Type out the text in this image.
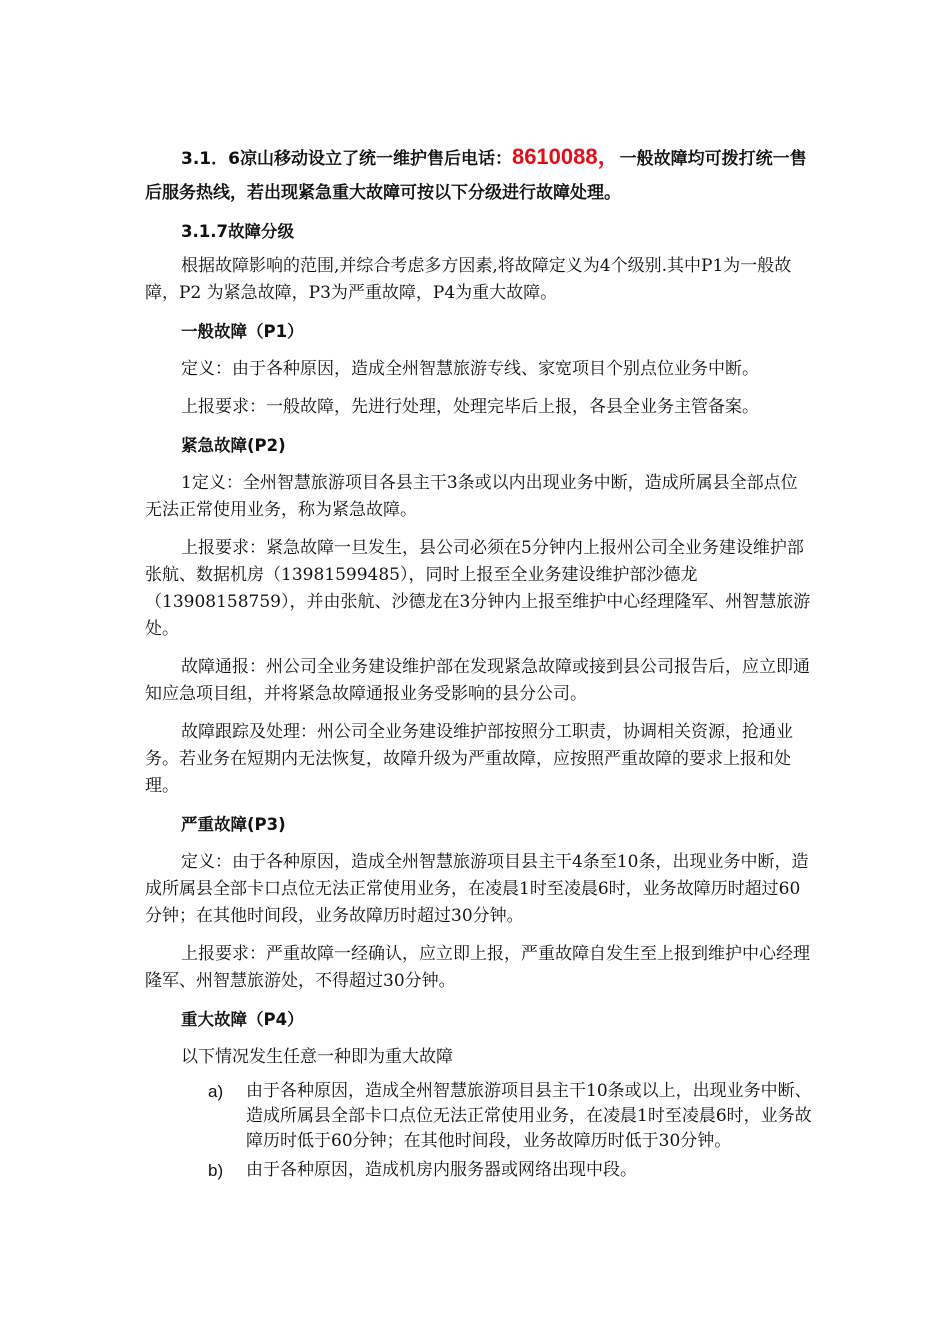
3.1．6凉山移动设立了统一维护售后电话：8610088，一般故障均可拨打统一售后服务热线，若出现紧急重大故障可按以下分级进行故障处理。

3.1.7故障分级

根据故障影响的范围,并综合考虑多方因素,将故障定义为4个级别.其中P1为一般故障，P2 为紧急故障，P3为严重故障，P4为重大故障。

一般故障（P1）

定义：由于各种原因，造成全州智慧旅游专线、家宽项目个别点位业务中断。

上报要求：一般故障，先进行处理，处理完毕后上报，各县全业务主管备案。

紧急故障(P2)

1定义：全州智慧旅游项目各县主干3条或以内出现业务中断，造成所属县全部点位无法正常使用业务，称为紧急故障。

上报要求：紧急故障一旦发生，县公司必须在5分钟内上报州公司全业务建设维护部张航、数据机房（13981599485），同时上报至全业务建设维护部沙德龙（13908158759），并由张航、沙德龙在3分钟内上报至维护中心经理隆军、州智慧旅游处。

故障通报：州公司全业务建设维护部在发现紧急故障或接到县公司报告后，应立即通知应急项目组，并将紧急故障通报业务受影响的县分公司。

故障跟踪及处理：州公司全业务建设维护部按照分工职责，协调相关资源，抢通业务。若业务在短期内无法恢复，故障升级为严重故障，应按照严重故障的要求上报和处理。

严重故障(P3)

定义：由于各种原因，造成全州智慧旅游项目县主干4条至10条，出现业务中断，造成所属县全部卡口点位无法正常使用业务，在凌晨1时至凌晨6时，业务故障历时超过60分钟；在其他时间段，业务故障历时超过30分钟。

上报要求：严重故障一经确认，应立即上报，严重故障自发生至上报到维护中心经理隆军、州智慧旅游处，不得超过30分钟。

重大故障（P4）

以下情况发生任意一种即为重大故障

a) 由于各种原因，造成全州智慧旅游项目县主干10条或以上，出现业务中断、造成所属县全部卡口点位无法正常使用业务，在凌晨1时至凌晨6时，业务故障历时低于60分钟；在其他时间段，业务故障历时低于30分钟。
b) 由于各种原因，造成机房内服务器或网络出现中段。
